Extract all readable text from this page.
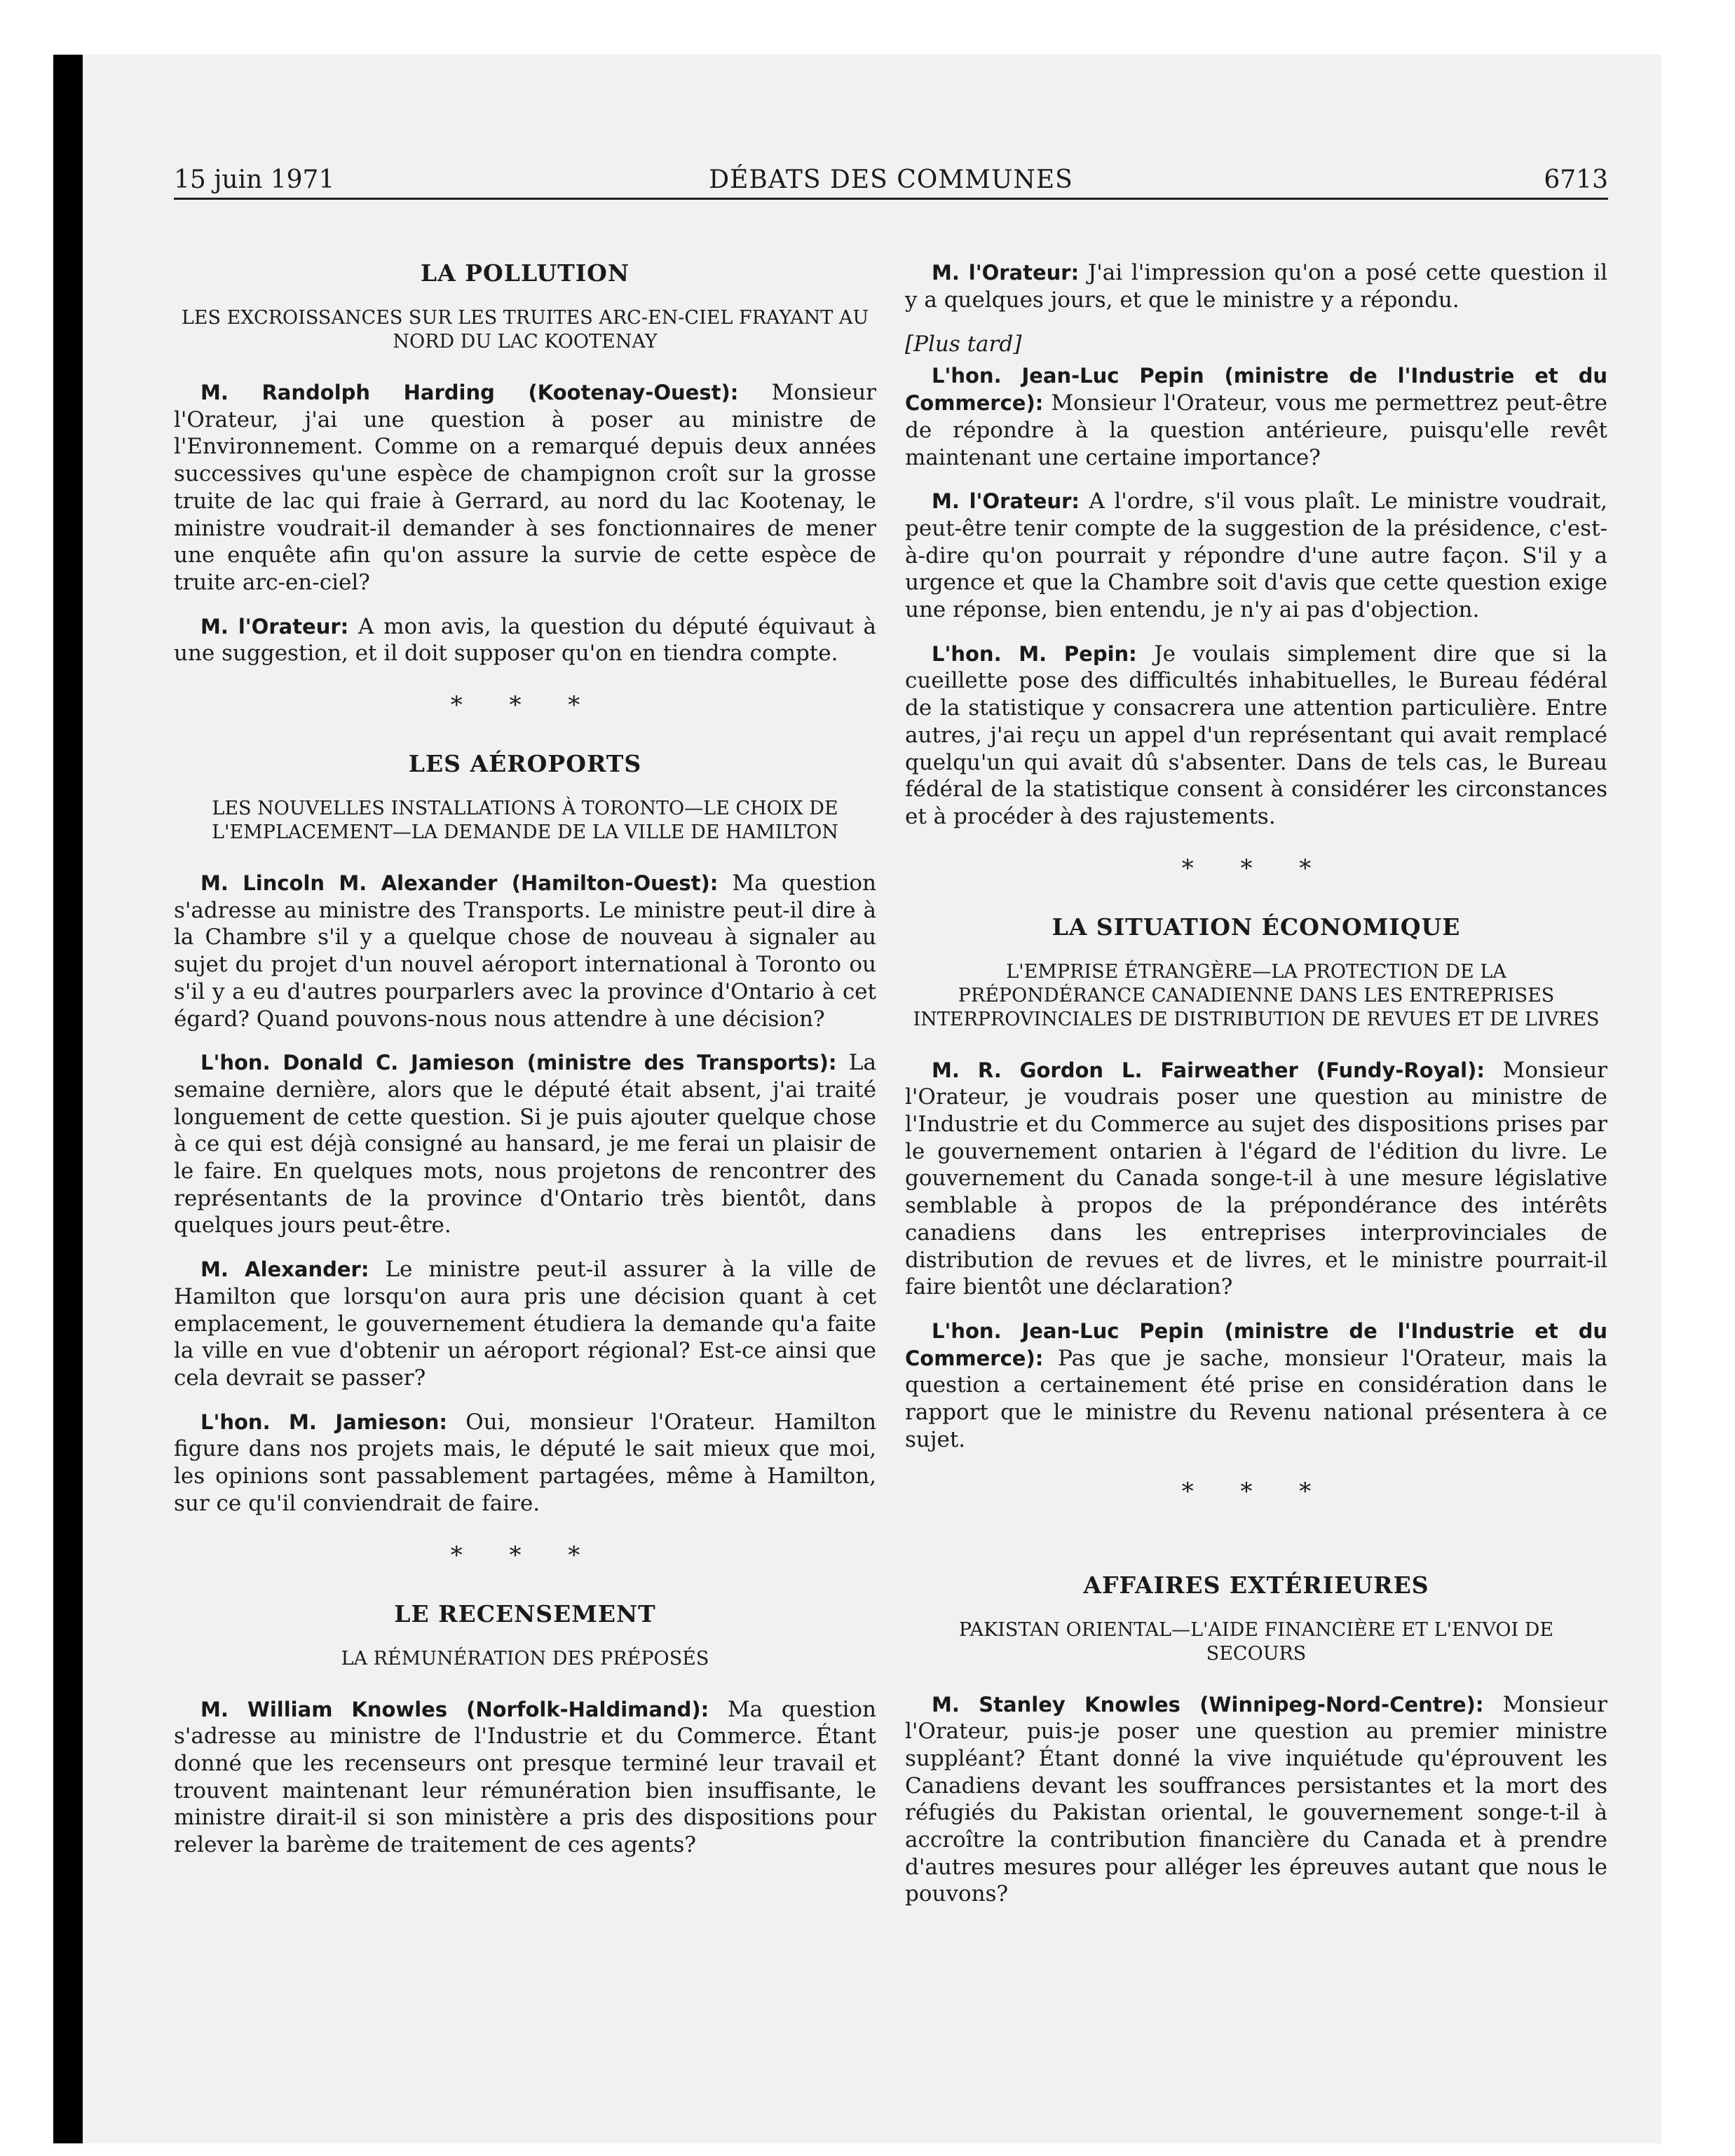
15 juin 1971	DÉBATS DES COMMUNES	6713
LA POLLUTION
LES EXCROISSANCES SUR LES TRUITES ARC-EN-CIEL FRAYANT AU NORD DU LAC KOOTENAY

M. Randolph Harding (Kootenay-Ouest): Monsieur l'Orateur, j'ai une question à poser au ministre de l'Environnement. Comme on a remarqué depuis deux années successives qu'une espèce de champignon croît sur la grosse truite de lac qui fraie à Gerrard, au nord du lac Kootenay, le ministre voudrait-il demander à ses fonctionnaires de mener une enquête afin qu'on assure la survie de cette espèce de truite arc-en-ciel?

M. l'Orateur: A mon avis, la question du député équivaut à une suggestion, et il doit supposer qu'on en tiendra compte.

* * *
LES AÉROPORTS
LES NOUVELLES INSTALLATIONS À TORONTO—LE CHOIX DE L'EMPLACEMENT—LA DEMANDE DE LA VILLE DE HAMILTON

M. Lincoln M. Alexander (Hamilton-Ouest): Ma question s'adresse au ministre des Transports. Le ministre peut-il dire à la Chambre s'il y a quelque chose de nouveau à signaler au sujet du projet d'un nouvel aéroport international à Toronto ou s'il y a eu d'autres pourparlers avec la province d'Ontario à cet égard? Quand pouvons-nous nous attendre à une décision?

L'hon. Donald C. Jamieson (ministre des Transports): La semaine dernière, alors que le député était absent, j'ai traité longuement de cette question. Si je puis ajouter quelque chose à ce qui est déjà consigné au hansard, je me ferai un plaisir de le faire. En quelques mots, nous projetons de rencontrer des représentants de la province d'Ontario très bientôt, dans quelques jours peut-être.

M. Alexander: Le ministre peut-il assurer à la ville de Hamilton que lorsqu'on aura pris une décision quant à cet emplacement, le gouvernement étudiera la demande qu'a faite la ville en vue d'obtenir un aéroport régional? Est-ce ainsi que cela devrait se passer?

L'hon. M. Jamieson: Oui, monsieur l'Orateur. Hamilton figure dans nos projets mais, le député le sait mieux que moi, les opinions sont passablement partagées, même à Hamilton, sur ce qu'il conviendrait de faire.

* * *
LE RECENSEMENT
LA RÉMUNÉRATION DES PRÉPOSÉS

M. William Knowles (Norfolk-Haldimand): Ma question s'adresse au ministre de l'Industrie et du Commerce. Étant donné que les recenseurs ont presque terminé leur travail et trouvent maintenant leur rémunération bien insuffisante, le ministre dirait-il si son ministère a pris des dispositions pour relever la barème de traitement de ces agents?

M. l'Orateur: J'ai l'impression qu'on a posé cette question il y a quelques jours, et que le ministre y a répondu.

[Plus tard]

L'hon. Jean-Luc Pepin (ministre de l'Industrie et du Commerce): Monsieur l'Orateur, vous me permettrez peut-être de répondre à la question antérieure, puisqu'elle revêt maintenant une certaine importance?

M. l'Orateur: A l'ordre, s'il vous plaît. Le ministre voudrait, peut-être tenir compte de la suggestion de la présidence, c'est-à-dire qu'on pourrait y répondre d'une autre façon. S'il y a urgence et que la Chambre soit d'avis que cette question exige une réponse, bien entendu, je n'y ai pas d'objection.

L'hon. M. Pepin: Je voulais simplement dire que si la cueillette pose des difficultés inhabituelles, le Bureau fédéral de la statistique y consacrera une attention particulière. Entre autres, j'ai reçu un appel d'un représentant qui avait remplacé quelqu'un qui avait dû s'absenter. Dans de tels cas, le Bureau fédéral de la statistique consent à considérer les circonstances et à procéder à des rajustements.

* * *
LA SITUATION ÉCONOMIQUE
L'EMPRISE ÉTRANGÈRE—LA PROTECTION DE LA PRÉPONDÉRANCE CANADIENNE DANS LES ENTREPRISES INTERPROVINCIALES DE DISTRIBUTION DE REVUES ET DE LIVRES

M. R. Gordon L. Fairweather (Fundy-Royal): Monsieur l'Orateur, je voudrais poser une question au ministre de l'Industrie et du Commerce au sujet des dispositions prises par le gouvernement ontarien à l'égard de l'édition du livre. Le gouvernement du Canada songe-t-il à une mesure législative semblable à propos de la prépondérance des intérêts canadiens dans les entreprises interprovinciales de distribution de revues et de livres, et le ministre pourrait-il faire bientôt une déclaration?

L'hon. Jean-Luc Pepin (ministre de l'Industrie et du Commerce): Pas que je sache, monsieur l'Orateur, mais la question a certainement été prise en considération dans le rapport que le ministre du Revenu national présentera à ce sujet.

* * *
AFFAIRES EXTÉRIEURES
PAKISTAN ORIENTAL—L'AIDE FINANCIÈRE ET L'ENVOI DE SECOURS

M. Stanley Knowles (Winnipeg-Nord-Centre): Monsieur l'Orateur, puis-je poser une question au premier ministre suppléant? Étant donné la vive inquiétude qu'éprouvent les Canadiens devant les souffrances persistantes et la mort des réfugiés du Pakistan oriental, le gouvernement songe-t-il à accroître la contribution financière du Canada et à prendre d'autres mesures pour alléger les épreuves autant que nous le pouvons?
